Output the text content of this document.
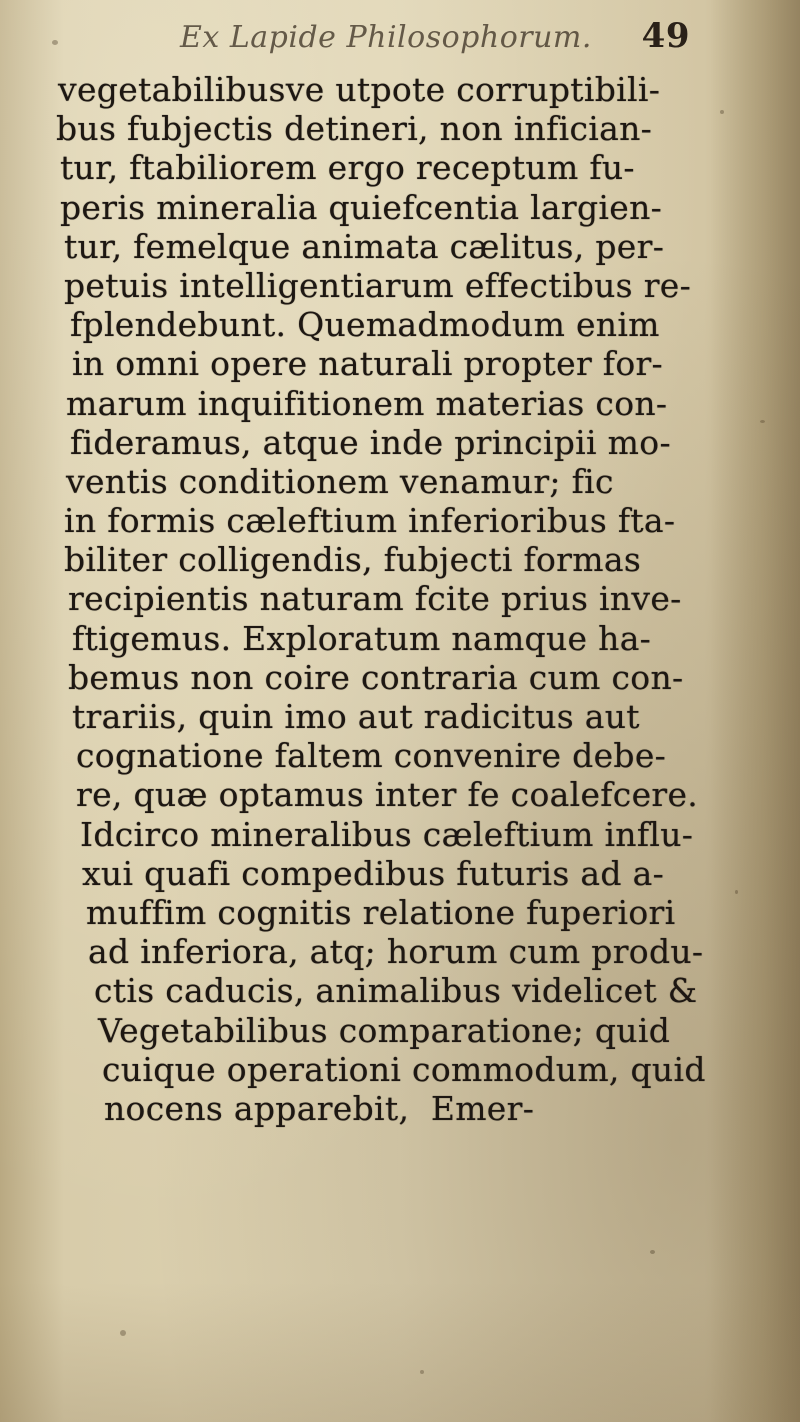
Ex Lapide Philosophorum. 49
vegetabilibusve utpote corruptibili-
bus fubjectis detineri, non infician-
tur, ftabiliorem ergo receptum fu-
peris mineralia quiefcentia largien-
tur, femelque animata cælitus, per-
petuis intelligentiarum effectibus re-
fplendebunt. Quemadmodum enim
in omni opere naturali propter for-
marum inquifitionem materias con-
fideramus, atque inde principii mo-
ventis conditionem venamur; fic
in formis cæleftium inferioribus fta-
biliter colligendis, fubjecti formas
recipientis naturam fcite prius inve-
ftigemus. Exploratum namque ha-
bemus non coire contraria cum con-
trariis, quin imo aut radicitus aut
cognatione faltem convenire debe-
re, quæ optamus inter fe coalefcere.
Idcirco mineralibus cæleftium influ-
xui quafi compedibus futuris ad a-
muffim cognitis relatione fuperiori
ad inferiora, atq; horum cum produ-
ctis caducis, animalibus videlicet &
Vegetabilibus comparatione; quid
cuique operationi commodum, quid
nocens apparebit,  Emer-
